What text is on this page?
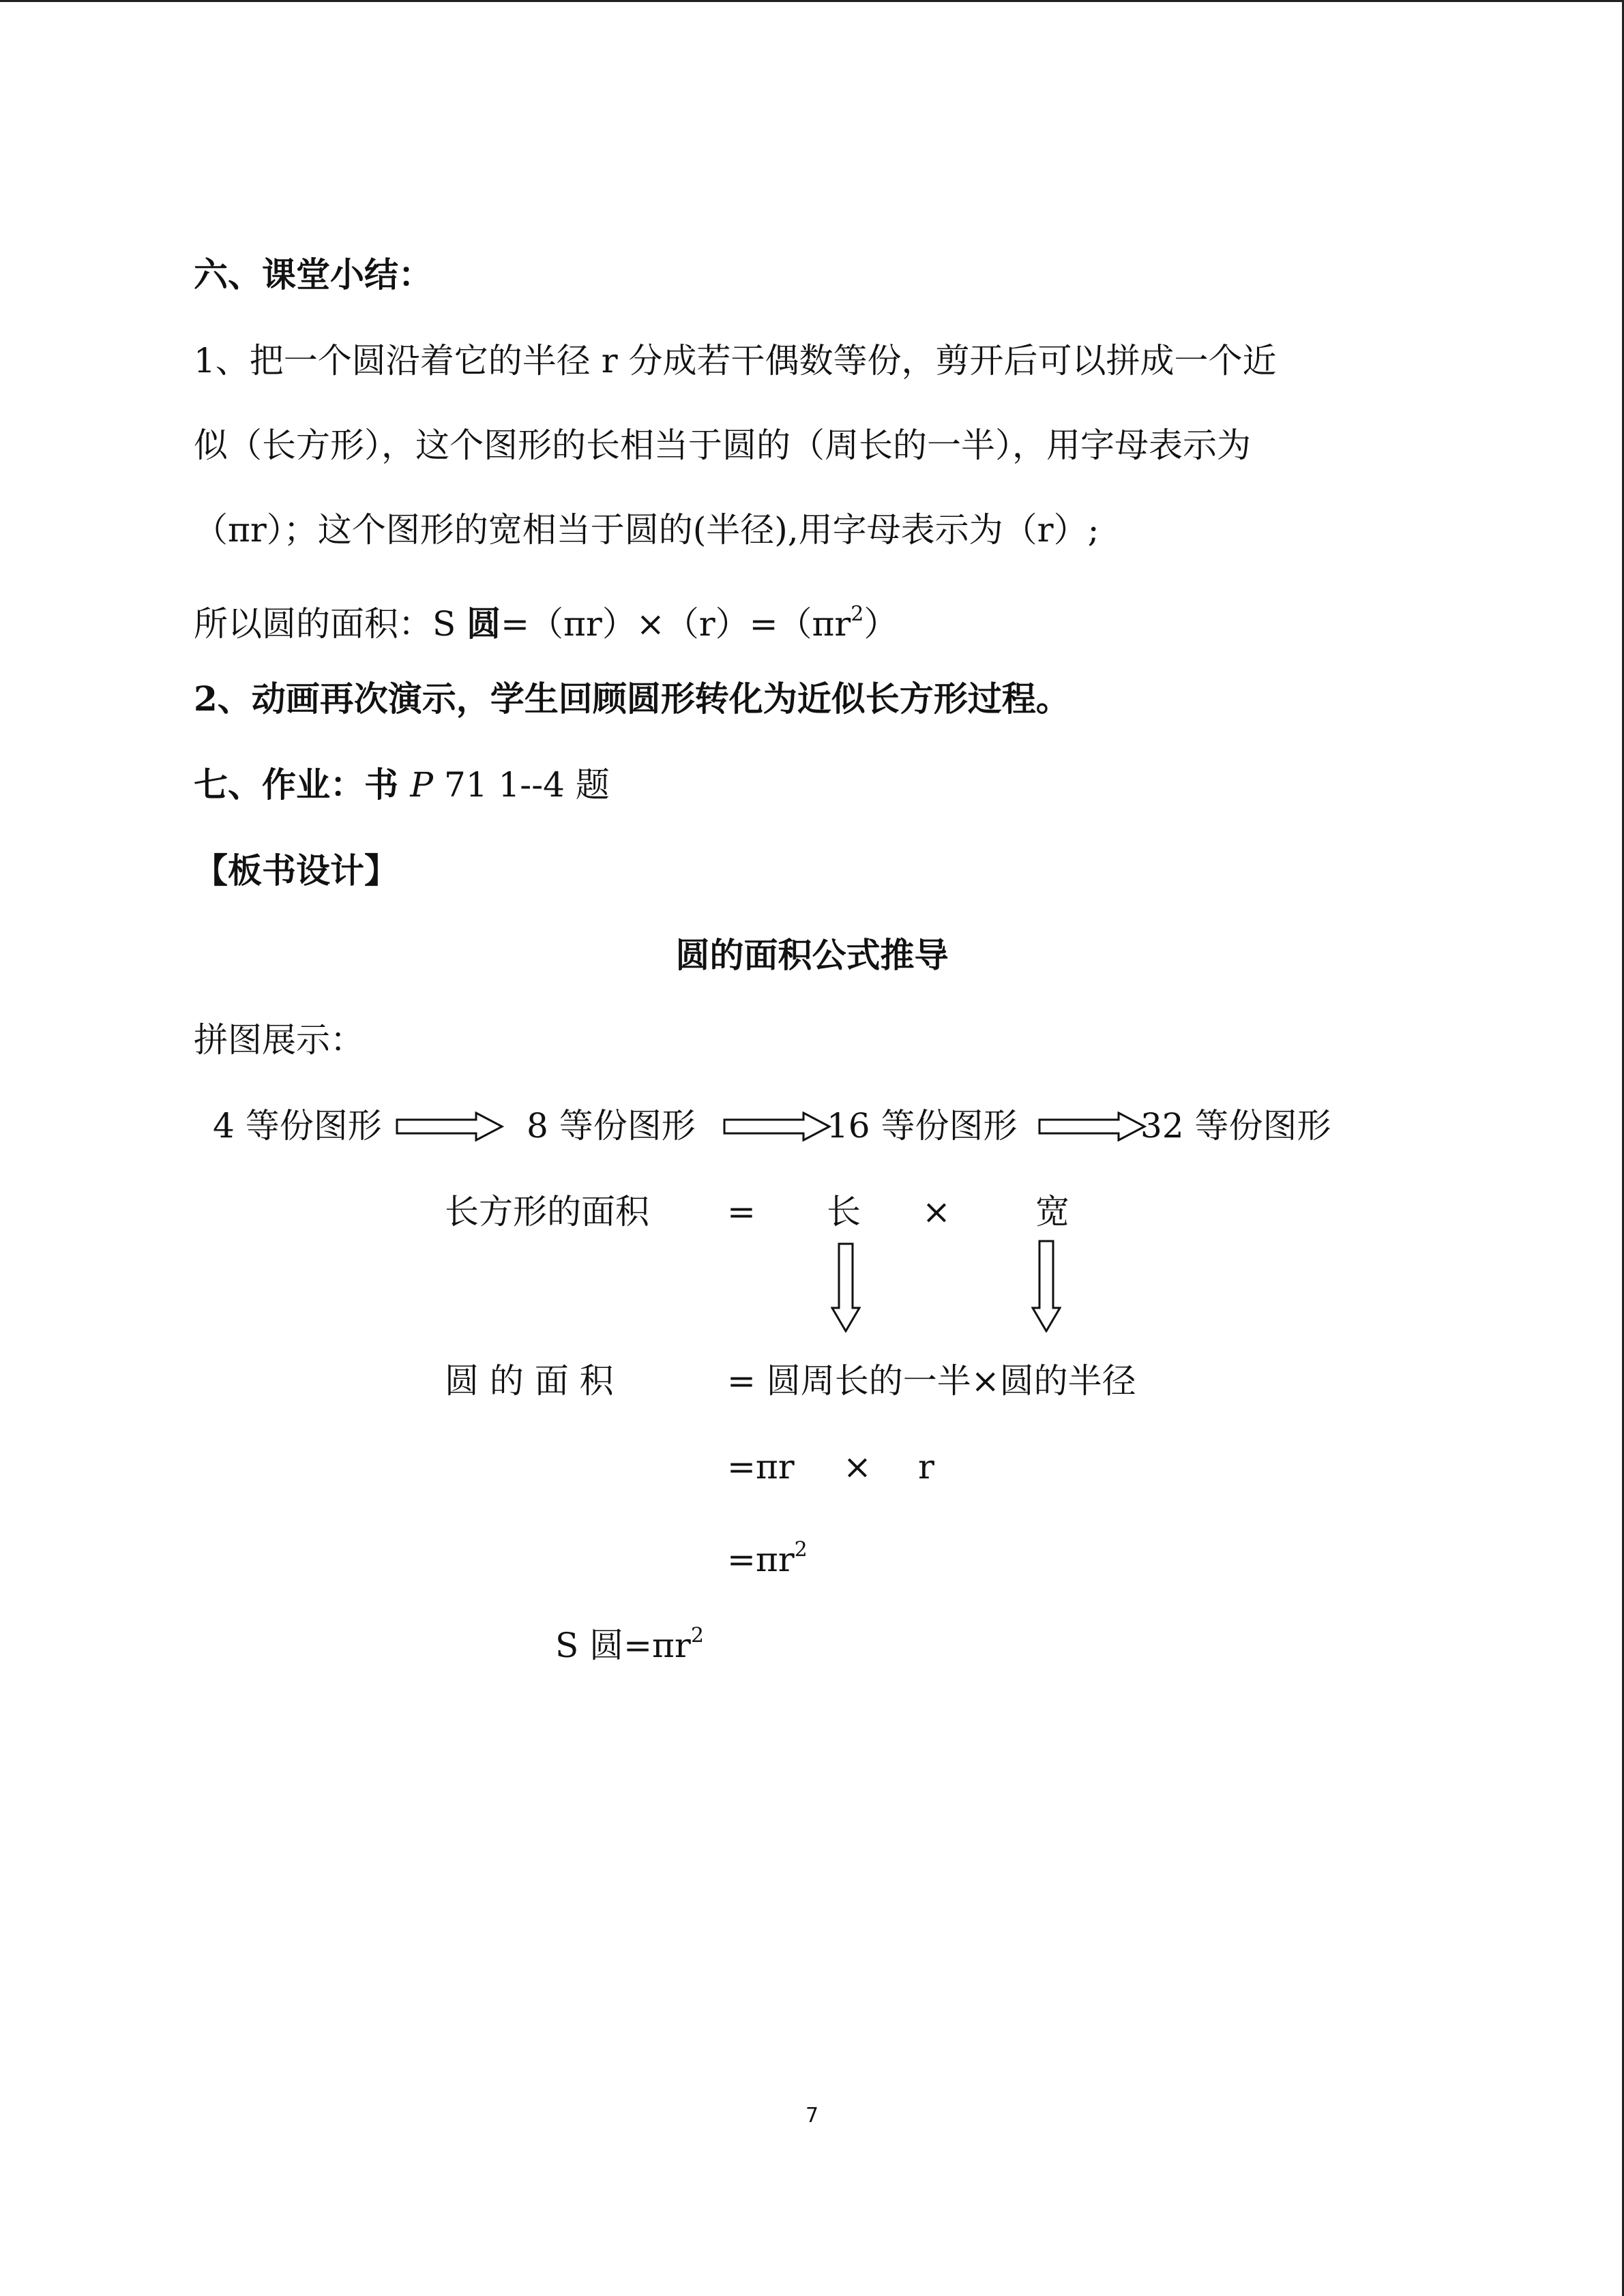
六、课堂小结：
1、把一个圆沿着它的半径 r 分成若干偶数等份，剪开后可以拼成一个近
似（长方形），这个图形的长相当于圆的（周长的一半），用字母表示为
（πr）；这个图形的宽相当于圆的(半径),用字母表示为（r）;
所以圆的面积：S 圆$=(\pi r)\times(r)=(\pi r^2)$
2、动画再次演示，学生回顾圆形转化为近似长方形过程。
七、作业：书 P 71 1--4 题
【板书设计】
圆的面积公式推导
拼图展示：
4 等份图形	8 等份图形	16 等份图形	32 等份图形
长方形的面积 = 长 × 宽
圆 的 面 积	= 圆周长的一半×圆的半径
=πr × r
$=\pi r^2$
S 圆$=\pi r^2$
7
